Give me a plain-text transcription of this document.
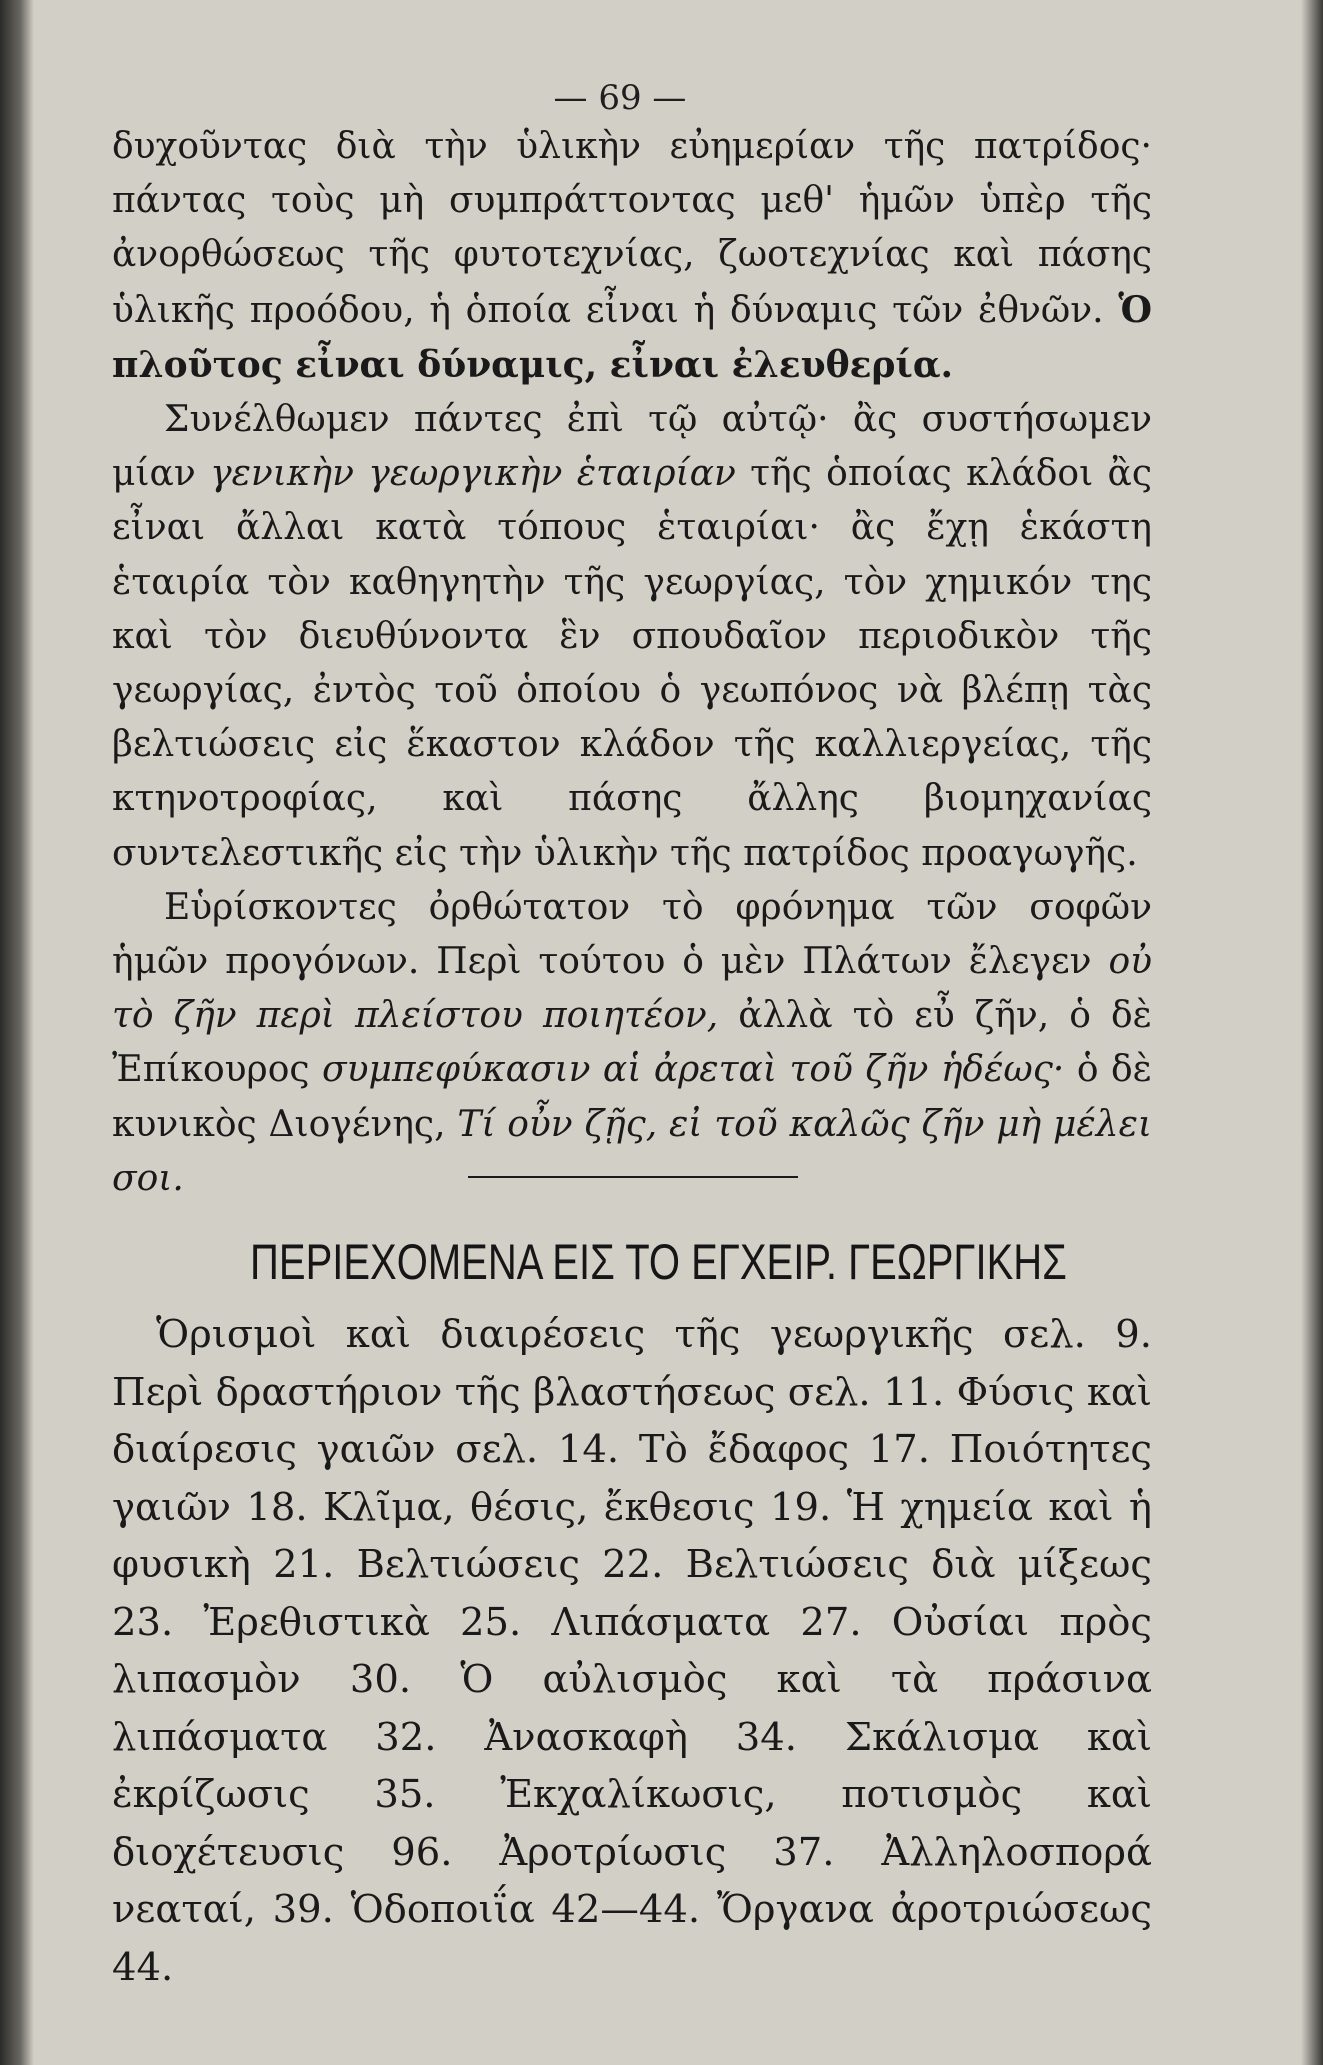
— 69 —

δυχοῦντας διὰ τὴν ὑλικὴν εὐημερίαν τῆς πατρίδος· πάντας τοὺς μὴ συμπράττοντας μεθ' ἡμῶν ὑπὲρ τῆς ἀνορθώσεως τῆς φυτοτεχνίας, ζωοτεχνίας καὶ πάσης ὑλικῆς προόδου, ἡ ὁποία εἶναι ἡ δύναμις τῶν ἐθνῶν. Ὁ πλοῦτος εἶναι δύναμις, εἶναι ἐλευθερία.

Συνέλθωμεν πάντες ἐπὶ τῷ αὐτῷ· ἂς συστήσωμεν μίαν γενικὴν γεωργικὴν ἑταιρίαν τῆς ὁποίας κλάδοι ἂς εἶναι ἄλλαι κατὰ τόπους ἑταιρίαι· ἂς ἔχῃ ἑκάστη ἑταιρία τὸν καθηγητὴν τῆς γεωργίας, τὸν χημικόν της καὶ τὸν διευθύνοντα ἓν σπουδαῖον περιοδικὸν τῆς γεωργίας, ἐντὸς τοῦ ὁποίου ὁ γεωπόνος νὰ βλέπῃ τὰς βελτιώσεις εἰς ἕκαστον κλάδον τῆς καλλιεργείας, τῆς κτηνοτροφίας, καὶ πάσης ἄλλης βιομηχανίας συντελεστικῆς εἰς τὴν ὑλικὴν τῆς πατρίδος προαγωγῆς.

Εὑρίσκοντες ὀρθώτατον τὸ φρόνημα τῶν σοφῶν ἡμῶν προγόνων. Περὶ τούτου ὁ μὲν Πλάτων ἔλεγεν οὐ τὸ ζῆν περὶ πλείστου ποιητέον, ἀλλὰ τὸ εὖ ζῆν, ὁ δὲ Ἐπίκουρος συμπεφύκασιν αἱ ἀρεταὶ τοῦ ζῆν ἡδέως· ὁ δὲ κυνικὸς Διογένης, Τί οὖν ζῇς, εἰ τοῦ καλῶς ζῆν μὴ μέλει σοι.

ΠΕΡΙΕΧΟΜΕΝΑ ΕΙΣ ΤΟ ΕΓΧΕΙΡ. ΓΕΩΡΓΙΚΗΣ

Ὁρισμοὶ καὶ διαιρέσεις τῆς γεωργικῆς σελ. 9. Περὶ δραστήριον τῆς βλαστήσεως σελ. 11. Φύσις καὶ διαίρεσις γαιῶν σελ. 14. Τὸ ἔδαφος 17. Ποιότητες γαιῶν 18. Κλῖμα, θέσις, ἔκθεσις 19. Ἡ χημεία καὶ ἡ φυσικὴ 21. Βελτιώσεις 22. Βελτιώσεις διὰ μίξεως 23. Ἐρεθιστικὰ 25. Λιπάσματα 27. Οὐσίαι πρὸς λιπασμὸν 30. Ὁ αὐλισμὸς καὶ τὰ πράσινα λιπάσματα 32. Ἀνασκαφὴ 34. Σκάλισμα καὶ ἐκρίζωσις 35. Ἐκχαλίκωσις, ποτισμὸς καὶ διοχέτευσις 96. Ἀροτρίωσις 37. Ἀλληλοσπορά νεαταί, 39. Ὁδοποιΐα 42—44. Ὄργανα ἀροτριώσεως 44.
